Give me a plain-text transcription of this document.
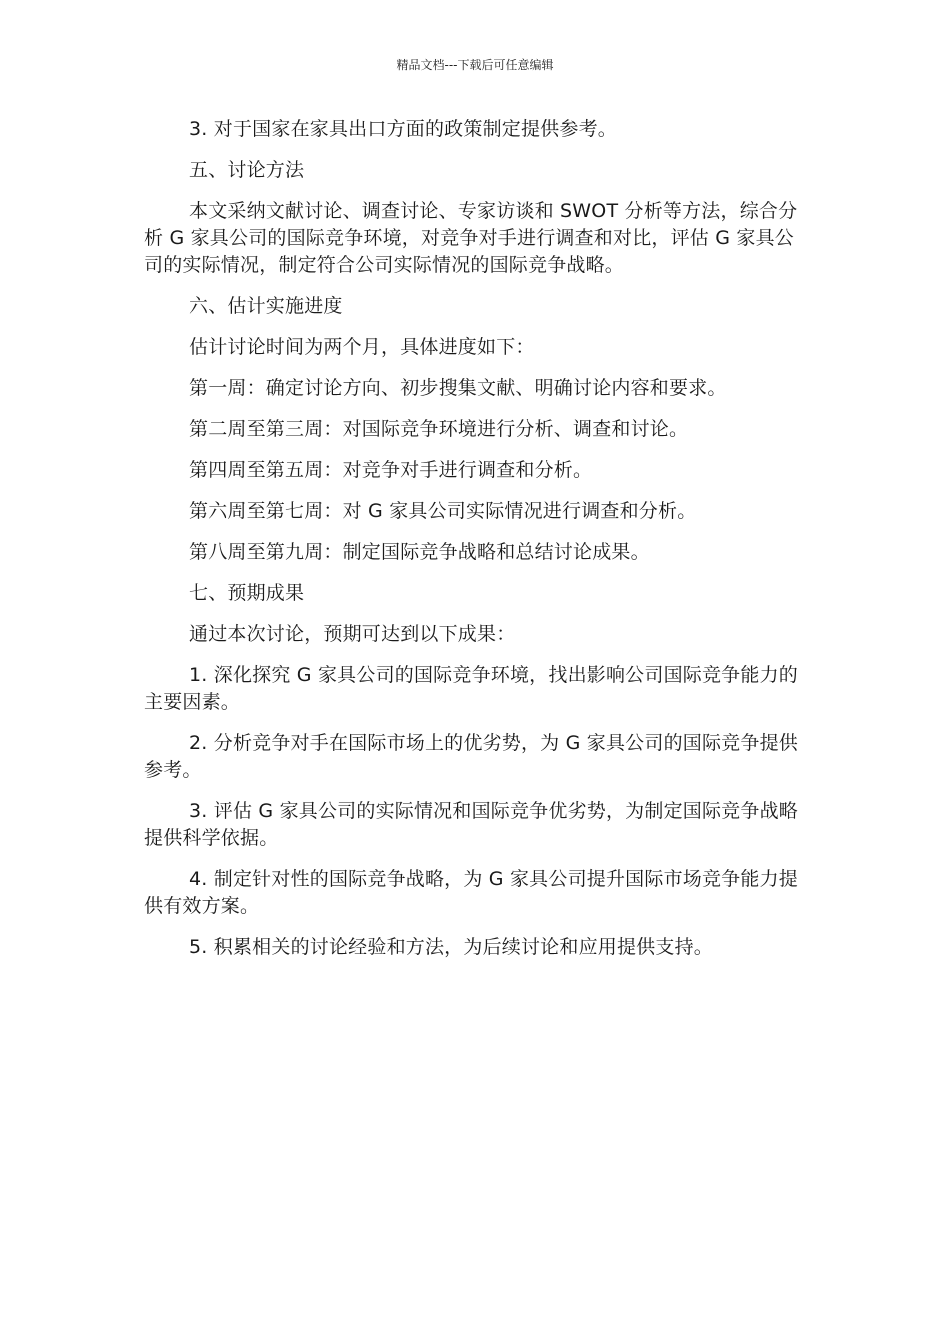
精品文档---下载后可任意编辑

3. 对于国家在家具出口方面的政策制定提供参考。

五、讨论方法

本文采纳文献讨论、调查讨论、专家访谈和 SWOT 分析等方法，综合分析 G 家具公司的国际竞争环境，对竞争对手进行调查和对比，评估 G 家具公司的实际情况，制定符合公司实际情况的国际竞争战略。

六、估计实施进度

估计讨论时间为两个月，具体进度如下：

第一周：确定讨论方向、初步搜集文献、明确讨论内容和要求。

第二周至第三周：对国际竞争环境进行分析、调查和讨论。

第四周至第五周：对竞争对手进行调查和分析。

第六周至第七周：对 G 家具公司实际情况进行调查和分析。

第八周至第九周：制定国际竞争战略和总结讨论成果。

七、预期成果

通过本次讨论，预期可达到以下成果：

1. 深化探究 G 家具公司的国际竞争环境，找出影响公司国际竞争能力的主要因素。

2. 分析竞争对手在国际市场上的优劣势，为 G 家具公司的国际竞争提供参考。

3. 评估 G 家具公司的实际情况和国际竞争优劣势，为制定国际竞争战略提供科学依据。

4. 制定针对性的国际竞争战略，为 G 家具公司提升国际市场竞争能力提供有效方案。

5. 积累相关的讨论经验和方法，为后续讨论和应用提供支持。
